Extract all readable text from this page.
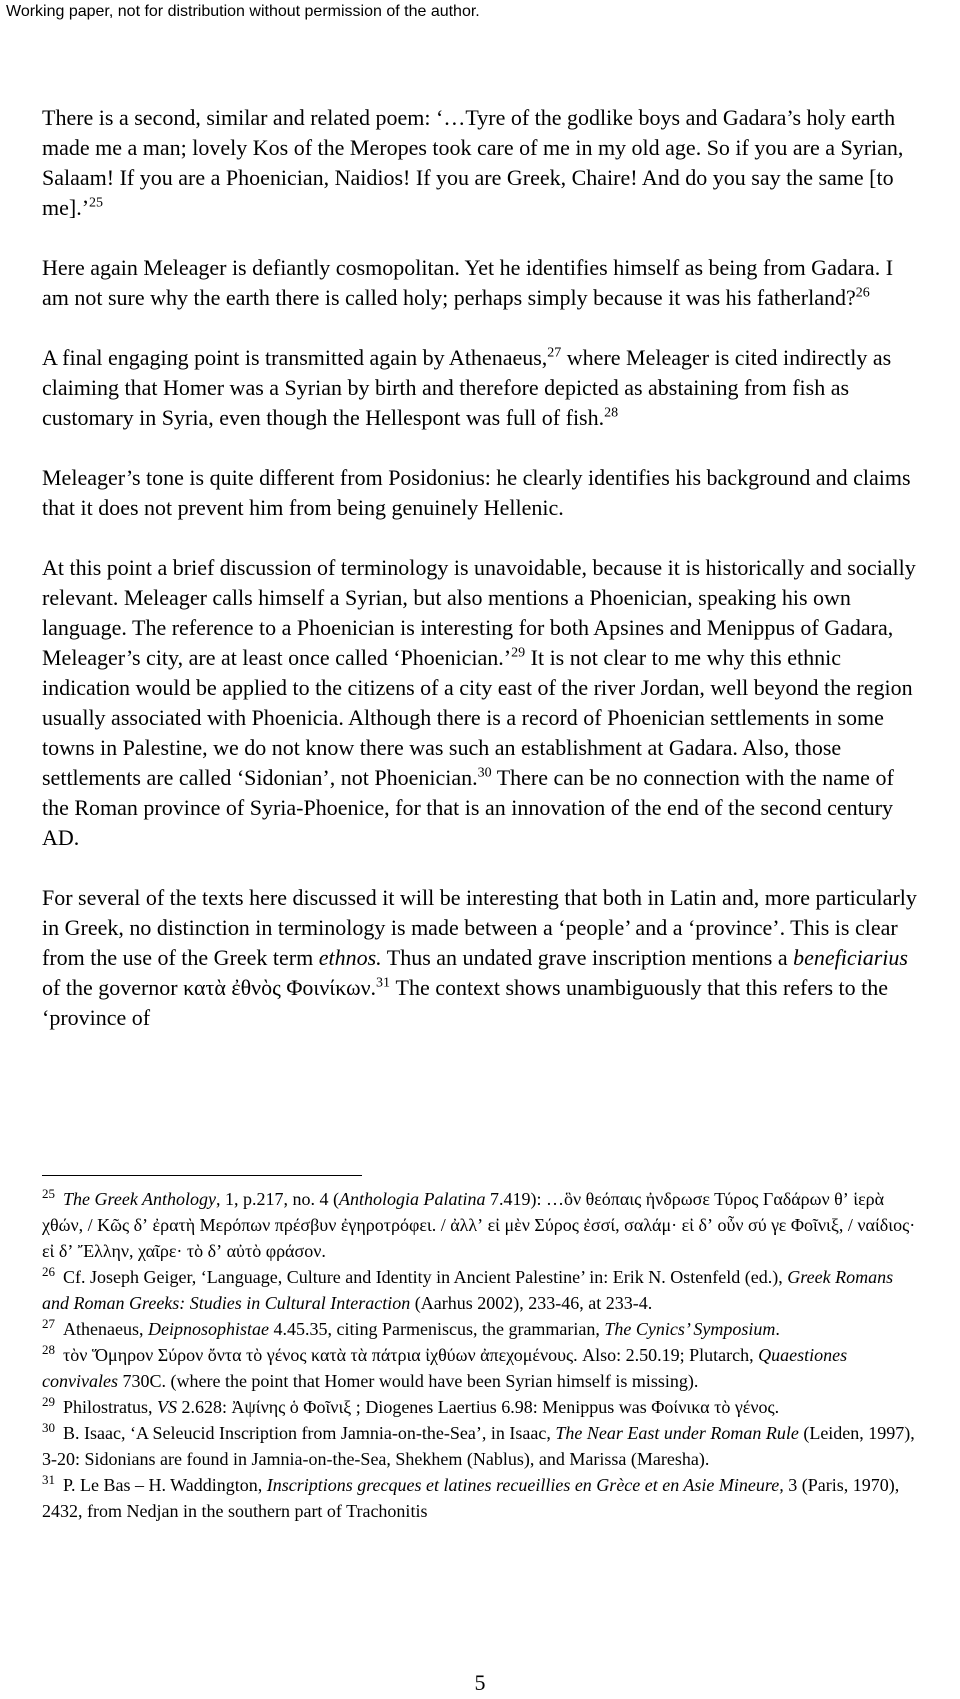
Working paper, not for distribution without permission of the author.

There is a second, similar and related poem: ‘…Tyre of the godlike boys and Gadara’s holy earth made me a man; lovely Kos of the Meropes took care of me in my old age. So if you are a Syrian, Salaam! If you are a Phoenician, Naidios! If you are Greek, Chaire! And do you say the same [to me].’$^{25}$

Here again Meleager is defiantly cosmopolitan. Yet he identifies himself as being from Gadara. I am not sure why the earth there is called holy; perhaps simply because it was his fatherland?$^{26}$

A final engaging point is transmitted again by Athenaeus,$^{27}$ where Meleager is cited indirectly as claiming that Homer was a Syrian by birth and therefore depicted as abstaining from fish as customary in Syria, even though the Hellespont was full of fish.$^{28}$

Meleager’s tone is quite different from Posidonius: he clearly identifies his background and claims that it does not prevent him from being genuinely Hellenic.

At this point a brief discussion of terminology is unavoidable, because it is historically and socially relevant. Meleager calls himself a Syrian, but also mentions a Phoenician, speaking his own language. The reference to a Phoenician is interesting for both Apsines and Menippus of Gadara, Meleager’s city, are at least once called ‘Phoenician.’$^{29}$ It is not clear to me why this ethnic indication would be applied to the citizens of a city east of the river Jordan, well beyond the region usually associated with Phoenicia. Although there is a record of Phoenician settlements in some towns in Palestine, we do not know there was such an establishment at Gadara. Also, those settlements are called ‘Sidonian’, not Phoenician.$^{30}$ There can be no connection with the name of the Roman province of Syria-Phoenice, for that is an innovation of the end of the second century AD.

For several of the texts here discussed it will be interesting that both in Latin and, more particularly in Greek, no distinction in terminology is made between a ‘people’ and a ‘province’. This is clear from the use of the Greek term ethnos. Thus an undated grave inscription mentions a beneficiarius of the governor κατὰ ἐθνὸς Φοινίκων.$^{31}$ The context shows unambiguously that this refers to the ‘province of

$^{25}$ The Greek Anthology, 1, p.217, no. 4 (Anthologia Palatina 7.419): …ὃν θεόπαις ἠνδρωσε Τύρος Γαδάρων θʼ ἱερὰ χθών, / Κῶς δʼ ἐρατὴ Μερόπων πρέσβυν ἐγηροτρόφει. / ἀλλʼ εἰ μὲν Σύρος ἐσσί, σαλάμ· εἰ δʼ οὖν σύ γε Φοῖνιξ, / ναίδιος· εἰ δʼ Ἔλλην, χαῖρε· τὸ δʼ αὐτὸ φράσον.

$^{26}$ Cf. Joseph Geiger, ‘Language, Culture and Identity in Ancient Palestine’ in: Erik N. Ostenfeld (ed.), Greek Romans and Roman Greeks: Studies in Cultural Interaction (Aarhus 2002), 233-46, at 233-4.

$^{27}$ Athenaeus, Deipnosophistae 4.45.35, citing Parmeniscus, the grammarian, The Cynics’ Symposium.

$^{28}$ τὸν Ὅμηρον Σύρον ὄντα τὸ γένος κατὰ τὰ πάτρια ἰχθύων ἀπεχομένους. Also: 2.50.19; Plutarch, Quaestiones convivales 730C. (where the point that Homer would have been Syrian himself is missing).

$^{29}$ Philostratus, VS 2.628: Ἀψίνης ὁ Φοῖνιξ ; Diogenes Laertius 6.98: Menippus was Φοίνικα τὸ γένος.

$^{30}$ B. Isaac, ‘A Seleucid Inscription from Jamnia-on-the-Sea’, in Isaac, The Near East under Roman Rule (Leiden, 1997), 3-20: Sidonians are found in Jamnia-on-the-Sea, Shekhem (Nablus), and Marissa (Maresha).

$^{31}$ P. Le Bas – H. Waddington, Inscriptions grecques et latines recueillies en Grèce et en Asie Mineure, 3 (Paris, 1970), 2432, from Nedjan in the southern part of Trachonitis

5
